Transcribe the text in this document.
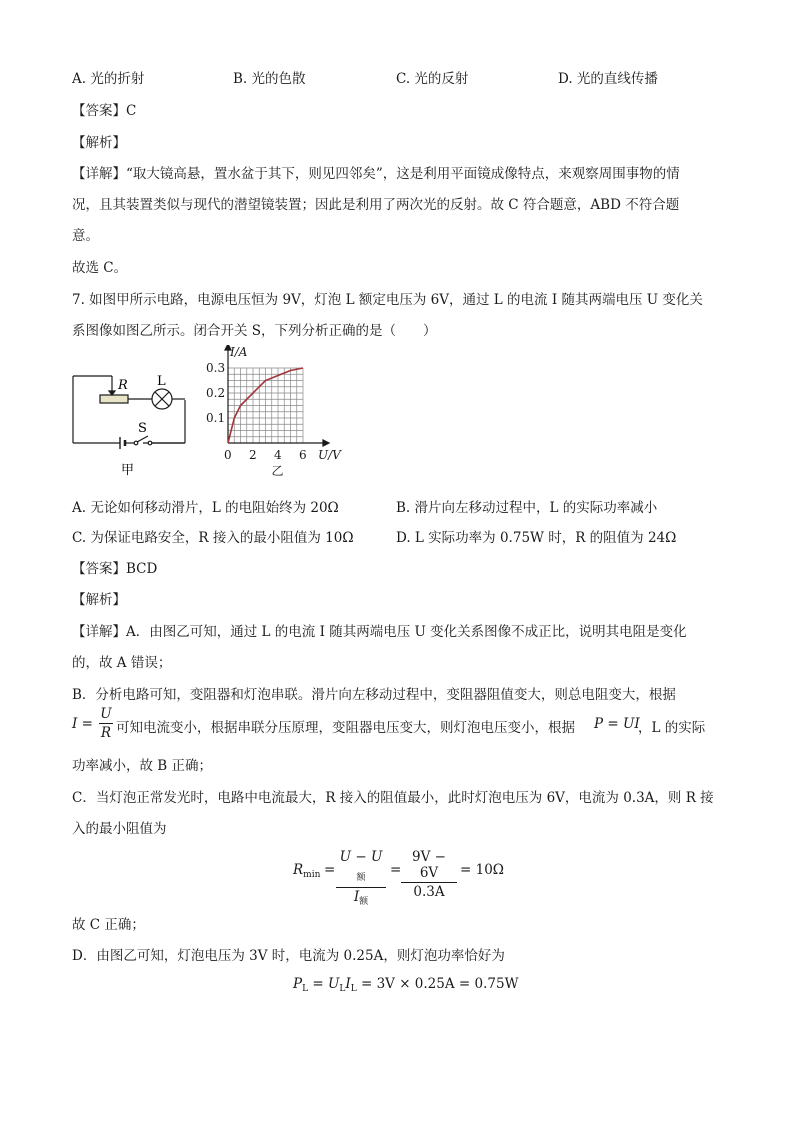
A. 光的折射	B. 光的色散	C. 光的反射	D. 光的直线传播
【答案】C
【解析】
【详解】“取大镜高悬，置水盆于其下，则见四邻矣”，这是利用平面镜成像特点，来观察周围事物的情
况，且其装置类似与现代的潜望镜装置；因此是利用了两次光的反射。故 C 符合题意，ABD 不符合题
意。
故选 C。
7. 如图甲所示电路，电源电压恒为 9V，灯泡 L 额定电压为 6V，通过 L 的电流 I 随其两端电压 U 变化关
系图像如图乙所示。闭合开关 S，下列分析正确的是（　　）
R L
S
甲
0.3
0.2
0.1
0 2 4 6
I/A
U/V
乙
A. 无论如何移动滑片，L 的电阻始终为 20Ω	B. 滑片向左移动过程中，L 的实际功率减小
C. 为保证电路安全，R 接入的最小阻值为 10Ω	D. L 实际功率为 0.75W 时，R 的阻值为 24Ω
【答案】BCD
【解析】
【详解】A．由图乙可知，通过 L 的电流 I 随其两端电压 U 变化关系图像不成正比，说明其电阻是变化
的，故 A 错误；
B．分析电路可知，变阻器和灯泡串联。滑片向左移动过程中，变阻器阻值变大，则总电阻变大，根据
I =
U
R 可知电流变小，根据串联分压原理，变阻器电压变大，则灯泡电压变小，根据 P = UI
，L 的实际
功率减小，故 B 正确；
C．当灯泡正常发光时，电路中电流最大，R 接入的阻值最小，此时灯泡电压为 6V，电流为 0.3A，则 R 接
入的最小阻值为
$R_{min}$ =
$U - U_额$
$I_额$
=
9V − 6V
0.3A
= 10Ω
故 C 正确；
D．由图乙可知，灯泡电压为 3V 时，电流为 0.25A，则灯泡功率恰好为
$P_L = U_LI_L = 3V \times 0.25A = 0.75W$
